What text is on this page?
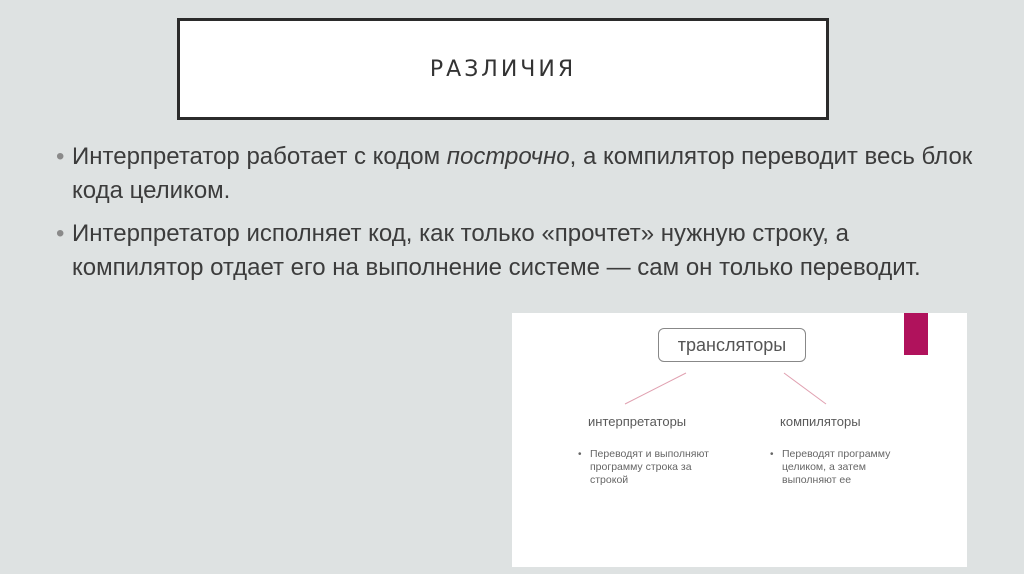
РАЗЛИЧИЯ
• Интерпретатор работает с кодом построчно, а компилятор переводит весь блок кода целиком.
• Интерпретатор исполняет код, как только «прочтет» нужную строку, а компилятор отдает его на выполнение системе — сам он только переводит.
трансляторы
интерпретаторы	компиляторы
• Переводят и выполняют программу строка за строкой
• Переводят программу целиком, а затем выполняют ее
